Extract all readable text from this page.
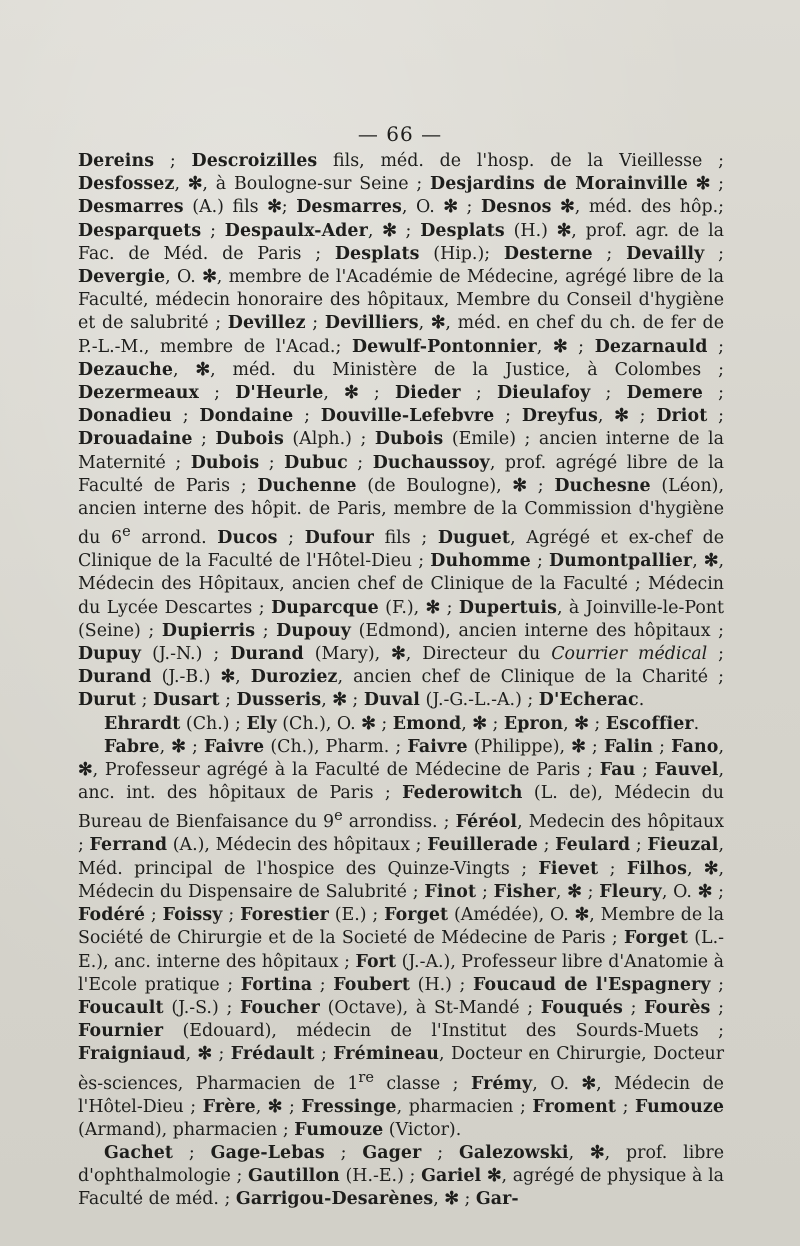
— 66 —

Dereins ; Descroizilles fils, méd. de l'hosp. de la Vieillesse ; Desfossez, ✻, à Boulogne-sur Seine ; Desjardins de Morainville ✻ ; Desmarres (A.) fils ✻; Desmarres, O. ✻ ; Desnos ✻, méd. des hôp.; Desparquets ; Despaulx-Ader, ✻ ; Desplats (H.) ✻, prof. agr. de la Fac. de Méd. de Paris ; Desplats (Hip.); Desterne ; Devailly ; Devergie, O. ✻, membre de l'Académie de Médecine, agrégé libre de la Faculté, médecin honoraire des hôpitaux, Membre du Conseil d'hygiène et de salubrité ; Devillez ; Devilliers, ✻, méd. en chef du ch. de fer de P.-L.-M., membre de l'Acad.; Dewulf-Pontonnier, ✻ ; Dezarnauld ; Dezauche, ✻, méd. du Ministère de la Justice, à Colombes ; Dezermeaux ; D'Heurle, ✻ ; Dieder ; Dieulafoy ; Demere ; Donadieu ; Dondaine ; Douville-Lefebvre ; Dreyfus, ✻ ; Driot ; Drouadaine ; Dubois (Alph.) ; Dubois (Emile) ; ancien interne de la Maternité ; Dubois ; Dubuc ; Duchaussoy, prof. agrégé libre de la Faculté de Paris ; Duchenne (de Boulogne), ✻ ; Duchesne (Léon), ancien interne des hôpit. de Paris, membre de la Commission d'hygiène du 6e arrond. Ducos ; Dufour fils ; Duguet, Agrégé et ex-chef de Clinique de la Faculté de l'Hôtel-Dieu ; Duhomme ; Dumontpallier, ✻, Médecin des Hôpitaux, ancien chef de Clinique de la Faculté ; Médecin du Lycée Descartes ; Duparcque (F.), ✻ ; Dupertuis, à Joinville-le-Pont (Seine) ; Dupierris ; Dupouy (Edmond), ancien interne des hôpitaux ; Dupuy (J.-N.) ; Durand (Mary), ✻, Directeur du Courrier médical ; Durand (J.-B.) ✻, Duroziez, ancien chef de Clinique de la Charité ; Durut ; Dusart ; Dusseris, ✻ ; Duval (J.-G.-L.-A.) ; D'Echerac.

Ehrardt (Ch.) ; Ely (Ch.), O. ✻ ; Emond, ✻ ; Epron, ✻ ; Escoffier.

Fabre, ✻ ; Faivre (Ch.), Pharm. ; Faivre (Philippe), ✻ ; Falin ; Fano, ✻, Professeur agrégé à la Faculté de Médecine de Paris ; Fau ; Fauvel, anc. int. des hôpitaux de Paris ; Federowitch (L. de), Médecin du Bureau de Bienfaisance du 9e arrondiss. ; Féréol, Medecin des hôpitaux ; Ferrand (A.), Médecin des hôpitaux ; Feuillerade ; Feulard ; Fieuzal, Méd. principal de l'hospice des Quinze-Vingts ; Fievet ; Filhos, ✻, Médecin du Dispensaire de Salubrité ; Finot ; Fisher, ✻ ; Fleury, O. ✻ ; Fodéré ; Foissy ; Forestier (E.) ; Forget (Amédée), O. ✻, Membre de la Société de Chirurgie et de la Societé de Médecine de Paris ; Forget (L.-E.), anc. interne des hôpitaux ; Fort (J.-A.), Professeur libre d'Anatomie à l'Ecole pratique ; Fortina ; Foubert (H.) ; Foucaud de l'Espagnery ; Foucault (J.-S.) ; Foucher (Octave), à St-Mandé ; Fouqués ; Fourès ; Fournier (Edouard), médecin de l'Institut des Sourds-Muets ; Fraigniaud, ✻ ; Frédault ; Frémineau, Docteur en Chirurgie, Docteur ès-sciences, Pharmacien de 1re classe ; Frémy, O. ✻, Médecin de l'Hôtel-Dieu ; Frère, ✻ ; Fressinge, pharmacien ; Froment ; Fumouze (Armand), pharmacien ; Fumouze (Victor).

Gachet ; Gage-Lebas ; Gager ; Galezowski, ✻, prof. libre d'ophthalmologie ; Gautillon (H.-E.) ; Gariel ✻, agrégé de physique à la Faculté de méd. ; Garrigou-Desarènes, ✻ ; Gar-
